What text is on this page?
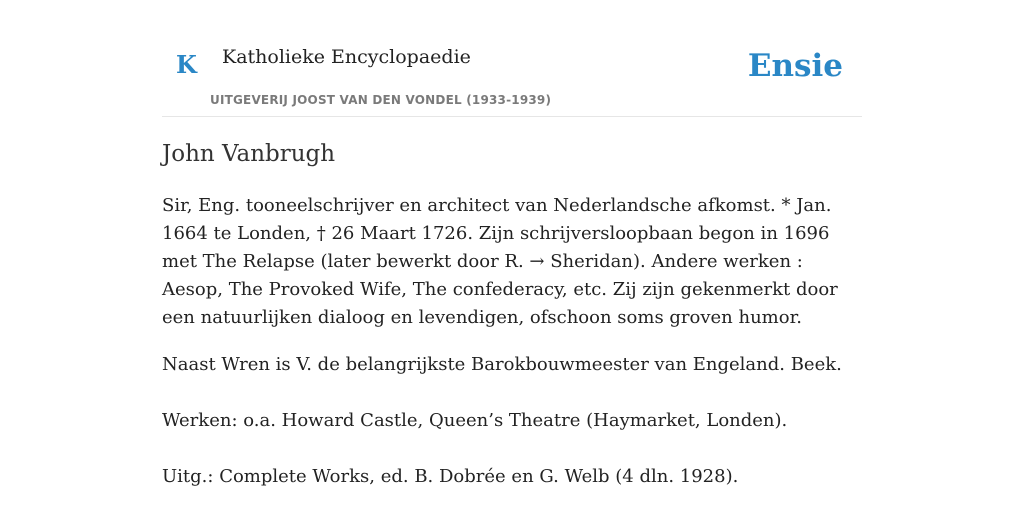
K Katholieke Encyclopaedie
UITGEVERIJ JOOST VAN DEN VONDEL (1933-1939)
Ensie
John Vanbrugh

Sir, Eng. tooneelschrijver en architect van Nederlandsche afkomst. * Jan. 1664 te Londen, † 26 Maart 1726. Zijn schrijversloopbaan begon in 1696 met The Relapse (later bewerkt door R. → Sheridan). Andere werken : Aesop, The Provoked Wife, The confederacy, etc. Zij zijn gekenmerkt door een natuurlijken dialoog en levendigen, ofschoon soms groven humor.

Naast Wren is V. de belangrijkste Barokbouwmeester van Engeland. Beek.

Werken: o.a. Howard Castle, Queen’s Theatre (Haymarket, Londen).

Uitg.: Complete Works, ed. B. Dobrée en G. Welb (4 dln. 1928).
